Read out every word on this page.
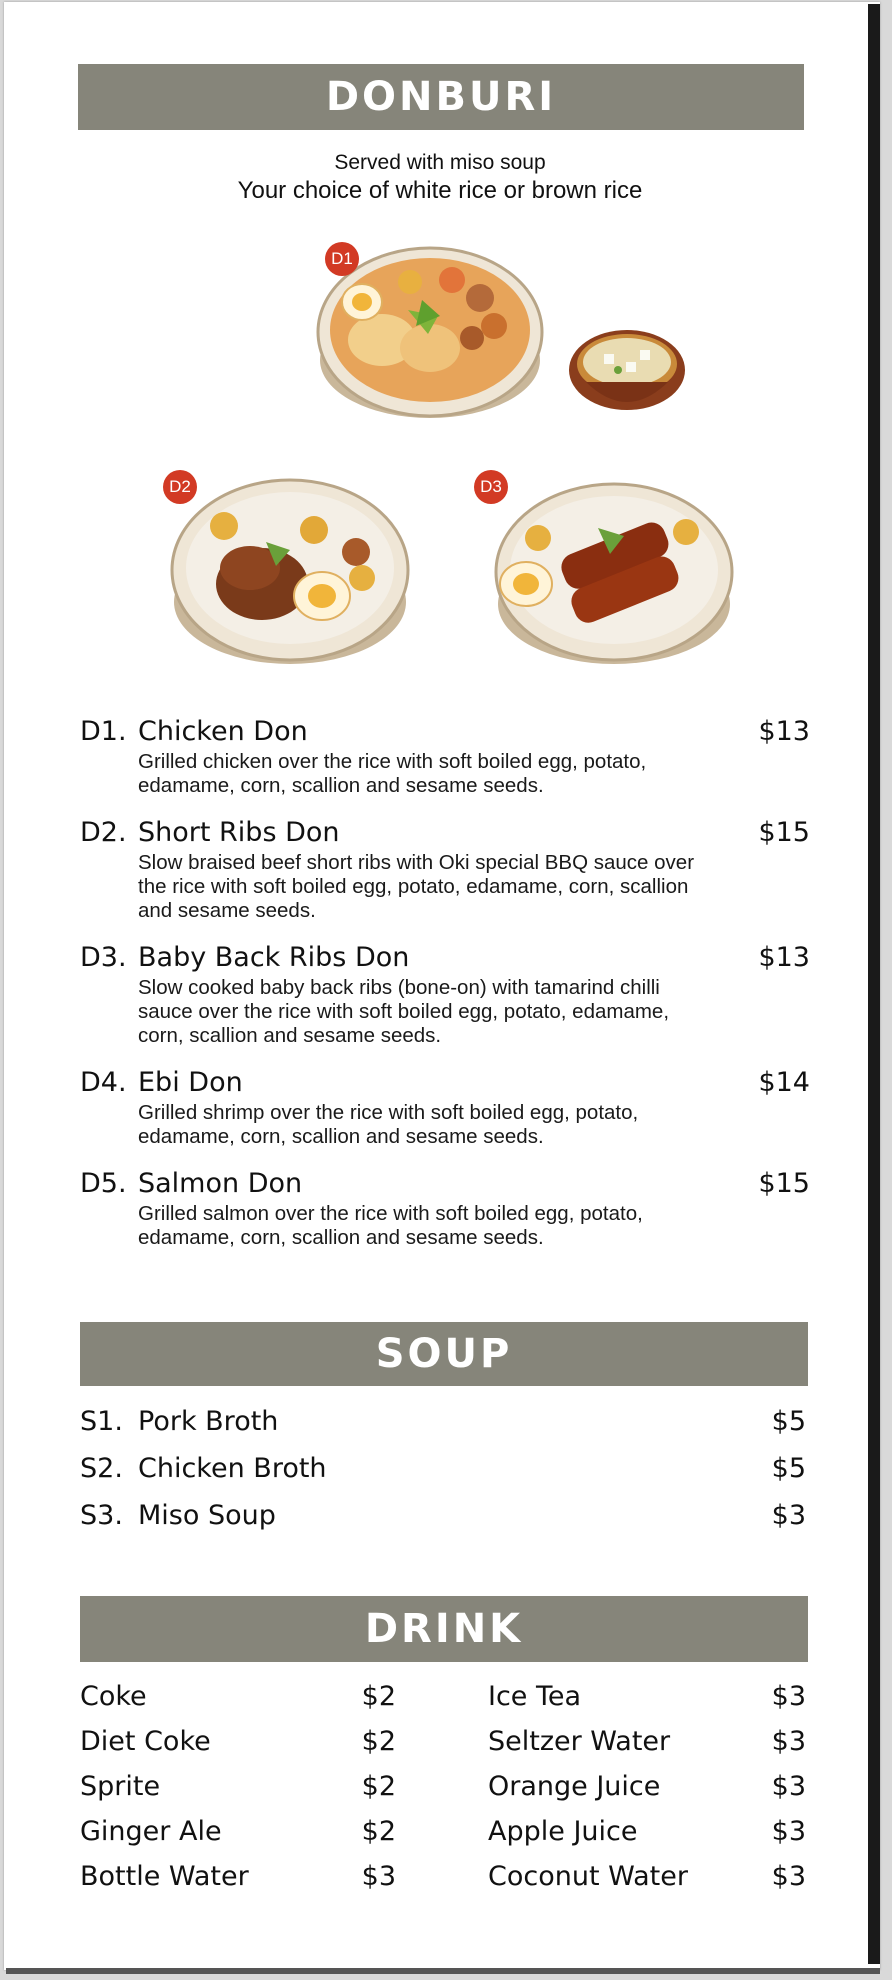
DONBURI
Served with miso soup
Your choice of white rice or brown rice
D1
D2	D3
D1. Chicken Don	$13
Grilled chicken over the rice with soft boiled egg, potato, edamame, corn, scallion and sesame seeds.
D2. Short Ribs Don	$15
Slow braised beef short ribs with Oki special BBQ sauce over the rice with soft boiled egg, potato, edamame, corn, scallion and sesame seeds.
D3. Baby Back Ribs Don	$13
Slow cooked baby back ribs (bone-on) with tamarind chilli sauce over the rice with soft boiled egg, potato, edamame, corn, scallion and sesame seeds.
D4. Ebi Don	$14
Grilled shrimp over the rice with soft boiled egg, potato, edamame, corn, scallion and sesame seeds.
D5. Salmon Don	$15
Grilled salmon over the rice with soft boiled egg, potato, edamame, corn, scallion and sesame seeds.
SOUP
S1. Pork Broth	$5
S2. Chicken Broth	$5
S3. Miso Soup	$3
DRINK
Coke	$2
Diet Coke	$2
Sprite	$2
Ginger Ale	$2
Bottle Water	$3
Ice Tea	$3
Seltzer Water	$3
Orange Juice	$3
Apple Juice	$3
Coconut Water	$3
